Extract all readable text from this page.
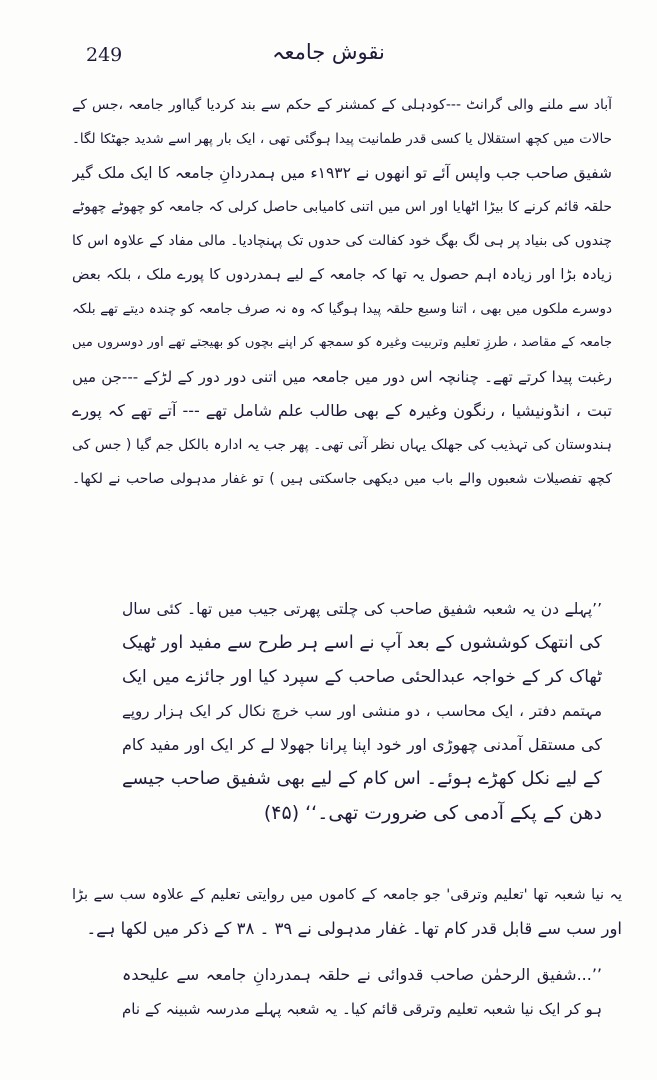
249	نقوش جامعہ
آباد سے ملنے والی گرانٹ ---کودہلی کے کمشنر کے حکم سے بند کردیا گیااور جامعہ ،جس کے
حالات میں کچھ استقلال یا کسی قدر طمانیت پیدا ہوگئی تھی ، ایک بار پھر اسے شدید جھٹکا لگا۔
شفیق صاحب جب واپس آئے تو انھوں نے ۱۹۳۲ء میں ہمدردانِ جامعہ کا ایک ملک گیر
حلقہ قائم کرنے کا بیڑا اٹھایا اور اس میں اتنی کامیابی حاصل کرلی کہ جامعہ کو چھوٹے چھوٹے
چندوں کی بنیاد پر ہی لگ بھگ خود کفالت کی حدوں تک پہنچادیا۔ مالی مفاد کے علاوہ اس کا
زیادہ بڑا اور زیادہ اہم حصول یہ تھا کہ جامعہ کے لیے ہمدردوں کا پورے ملک ، بلکہ بعض
دوسرے ملکوں میں بھی ، اتنا وسیع حلقہ پیدا ہوگیا کہ وہ نہ صرف جامعہ کو چندہ دیتے تھے بلکہ
جامعہ کے مقاصد ، طرزِ تعلیم وتربیت وغیرہ کو سمجھ کر اپنے بچوں کو بھیجتے تھے اور دوسروں میں
رغبت پیدا کرتے تھے۔ چنانچہ اس دور میں جامعہ میں اتنی دور دور کے لڑکے ---جن میں
تبت ، انڈونیشیا ، رنگون وغیرہ کے بھی طالب علم شامل تھے --- آتے تھے کہ پورے
ہندوستان کی تہذیب کی جھلک یہاں نظر آتی تھی۔ پھر جب یہ ادارہ بالکل جم گیا ( جس کی
کچھ تفصیلات شعبوں والے باب میں دیکھی جاسکتی ہیں ) تو غفار مدہولی صاحب نے لکھا۔
’’پہلے دن یہ شعبہ شفیق صاحب کی چلتی پھرتی جیب میں تھا۔ کئی سال
کی انتھک کوششوں کے بعد آپ نے اسے ہر طرح سے مفید اور ٹھیک
ٹھاک کر کے خواجہ عبدالحئی صاحب کے سپرد کیا اور جائزے میں ایک
مہتمم دفتر ، ایک محاسب ، دو منشی اور سب خرچ نکال کر ایک ہزار روپے
کی مستقل آمدنی چھوڑی اور خود اپنا پرانا جھولا لے کر ایک اور مفید کام
کے لیے نکل کھڑے ہوئے۔ اس کام کے لیے بھی شفیق صاحب جیسے
دھن کے پکے آدمی کی ضرورت تھی۔‘‘ (۴۵)
یہ نیا شعبہ تھا 'تعلیم وترقی' جو جامعہ کے کاموں میں روایتی تعلیم کے علاوہ سب سے بڑا
اور سب سے قابل قدر کام تھا۔ غفار مدہولی نے ۳۹ ۔ ۳۸ کے ذکر میں لکھا ہے۔
’’...شفیق الرحمٰن صاحب قدوائی نے حلقہ ہمدردانِ جامعہ سے علیحدہ
ہو کر ایک نیا شعبہ تعلیم وترقی قائم کیا۔ یہ شعبہ پہلے مدرسہ شبینہ کے نام
